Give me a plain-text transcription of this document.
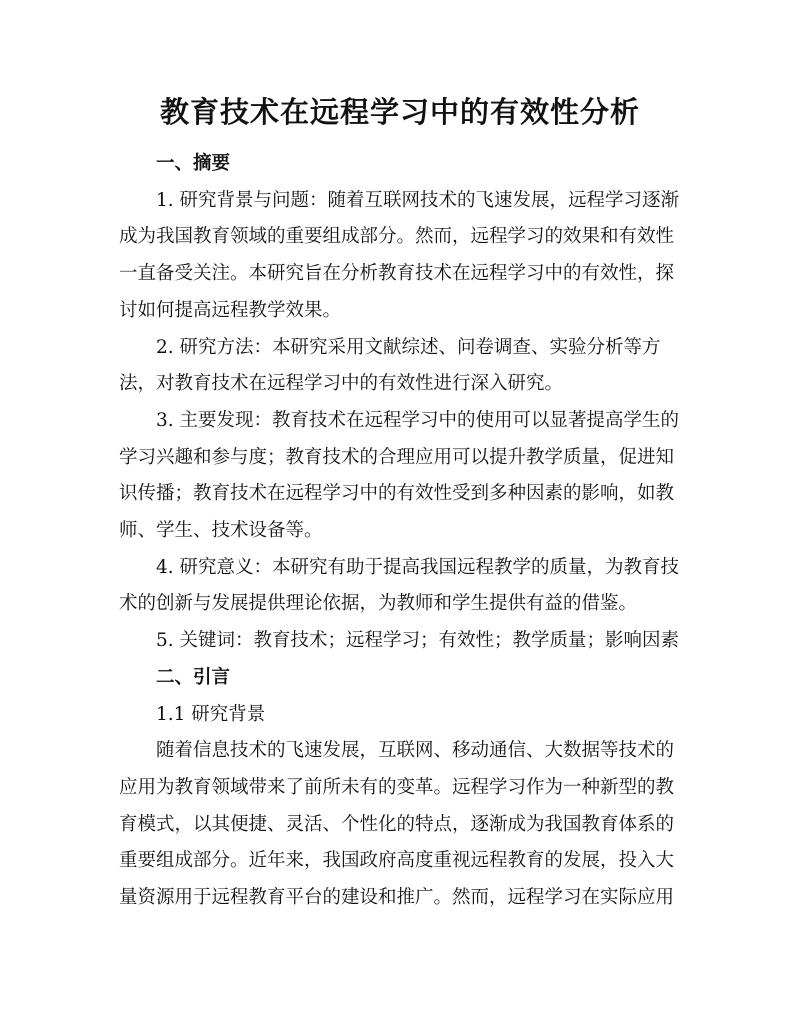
教育技术在远程学习中的有效性分析

一、摘要

1. 研究背景与问题：随着互联网技术的飞速发展，远程学习逐渐成为我国教育领域的重要组成部分。然而，远程学习的效果和有效性一直备受关注。本研究旨在分析教育技术在远程学习中的有效性，探讨如何提高远程教学效果。

2. 研究方法：本研究采用文献综述、问卷调查、实验分析等方法，对教育技术在远程学习中的有效性进行深入研究。

3. 主要发现：教育技术在远程学习中的使用可以显著提高学生的学习兴趣和参与度；教育技术的合理应用可以提升教学质量，促进知识传播；教育技术在远程学习中的有效性受到多种因素的影响，如教师、学生、技术设备等。

4. 研究意义：本研究有助于提高我国远程教学的质量，为教育技术的创新与发展提供理论依据，为教师和学生提供有益的借鉴。

5. 关键词：教育技术；远程学习；有效性；教学质量；影响因素

二、引言

1.1 研究背景

随着信息技术的飞速发展，互联网、移动通信、大数据等技术的应用为教育领域带来了前所未有的变革。远程学习作为一种新型的教育模式，以其便捷、灵活、个性化的特点，逐渐成为我国教育体系的重要组成部分。近年来，我国政府高度重视远程教育的发展，投入大量资源用于远程教育平台的建设和推广。然而，远程学习在实际应用
